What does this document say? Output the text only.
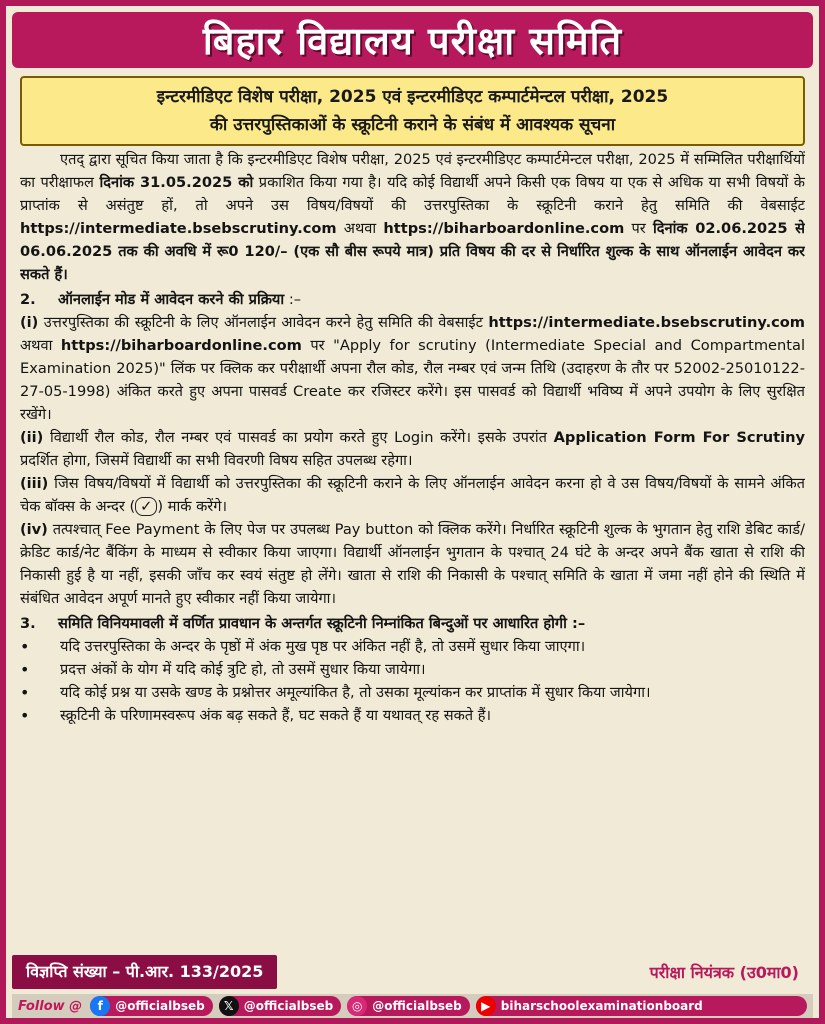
बिहार विद्यालय परीक्षा समिति
इन्टरमीडिएट विशेष परीक्षा, 2025 एवं इन्टरमीडिएट कम्पार्टमेन्टल परीक्षा, 2025
की उत्तरपुस्तिकाओं के स्क्रूटिनी कराने के संबंध में आवश्यक सूचना

एतद् द्वारा सूचित किया जाता है कि इन्टरमीडिएट विशेष परीक्षा, 2025 एवं इन्टरमीडिएट कम्पार्टमेन्टल परीक्षा, 2025 में सम्मिलित परीक्षार्थियों का परीक्षाफल दिनांक 31.05.2025 को प्रकाशित किया गया है। यदि कोई विद्यार्थी अपने किसी एक विषय या एक से अधिक या सभी विषयों के प्राप्तांक से असंतुष्ट हों, तो अपने उस विषय/विषयों की उत्तरपुस्तिका के स्क्रूटिनी कराने हेतु समिति की वेबसाईट https://intermediate.bsebscrutiny.com अथवा https://biharboardonline.com पर दिनांक 02.06.2025 से 06.06.2025 तक की अवधि में रू0 120/– (एक सौ बीस रूपये मात्र) प्रति विषय की दर से निर्धारित शुल्क के साथ ऑनलाईन आवेदन कर सकते हैं।

2. ऑनलाईन मोड में आवेदन करने की प्रक्रिया :–

(i) उत्तरपुस्तिका की स्क्रूटिनी के लिए ऑनलाईन आवेदन करने हेतु समिति की वेबसाईट https://intermediate.bsebscrutiny.com अथवा https://biharboardonline.com पर "Apply for scrutiny (Intermediate Special and Compartmental Examination 2025)" लिंक पर क्लिक कर परीक्षार्थी अपना रौल कोड, रौल नम्बर एवं जन्म तिथि (उदाहरण के तौर पर 52002-25010122-27-05-1998) अंकित करते हुए अपना पासवर्ड Create कर रजिस्टर करेंगे। इस पासवर्ड को विद्यार्थी भविष्य में अपने उपयोग के लिए सुरक्षित रखेंगे।

(ii) विद्यार्थी रौल कोड, रौल नम्बर एवं पासवर्ड का प्रयोग करते हुए Login करेंगे। इसके उपरांत Application Form For Scrutiny प्रदर्शित होगा, जिसमें विद्यार्थी का सभी विवरणी विषय सहित उपलब्ध रहेगा।

(iii) जिस विषय/विषयों में विद्यार्थी को उत्तरपुस्तिका की स्क्रूटिनी कराने के लिए ऑनलाईन आवेदन करना हो वे उस विषय/विषयों के सामने अंकित चेक बॉक्स के अन्दर ( ✓ ) मार्क करेंगे।

(iv) तत्पश्चात् Fee Payment के लिए पेज पर उपलब्ध Pay button को क्लिक करेंगे। निर्धारित स्क्रूटिनी शुल्क के भुगतान हेतु राशि डेबिट कार्ड/क्रेडिट कार्ड/नेट बैंकिंग के माध्यम से स्वीकार किया जाएगा। विद्यार्थी ऑनलाईन भुगतान के पश्चात् 24 घंटे के अन्दर अपने बैंक खाता से राशि की निकासी हुई है या नहीं, इसकी जाँच कर स्वयं संतुष्ट हो लेंगे। खाता से राशि की निकासी के पश्चात् समिति के खाता में जमा नहीं होने की स्थिति में संबंधित आवेदन अपूर्ण मानते हुए स्वीकार नहीं किया जायेगा।

3. समिति विनियमावली में वर्णित प्रावधान के अन्तर्गत स्क्रूटिनी निम्नांकित बिन्दुओं पर आधारित होगी :–

•	यदि उत्तरपुस्तिका के अन्दर के पृष्ठों में अंक मुख पृष्ठ पर अंकित नहीं है, तो उसमें सुधार किया जाएगा।
•	प्रदत्त अंकों के योग में यदि कोई त्रुटि हो, तो उसमें सुधार किया जायेगा।
•	यदि कोई प्रश्न या उसके खण्ड के प्रश्नोत्तर अमूल्यांकित है, तो उसका मूल्यांकन कर प्राप्तांक में सुधार किया जायेगा।
•	स्क्रूटिनी के परिणामस्वरूप अंक बढ़ सकते हैं, घट सकते हैं या यथावत् रह सकते हैं।
विज्ञप्ति संख्या – पी.आर. 133/2025	परीक्षा नियंत्रक (उ0मा0)
Follow @	f	@officialbseb	𝕏 @officialbseb	◎ @officialbseb	▶ biharschoolexaminationboard
